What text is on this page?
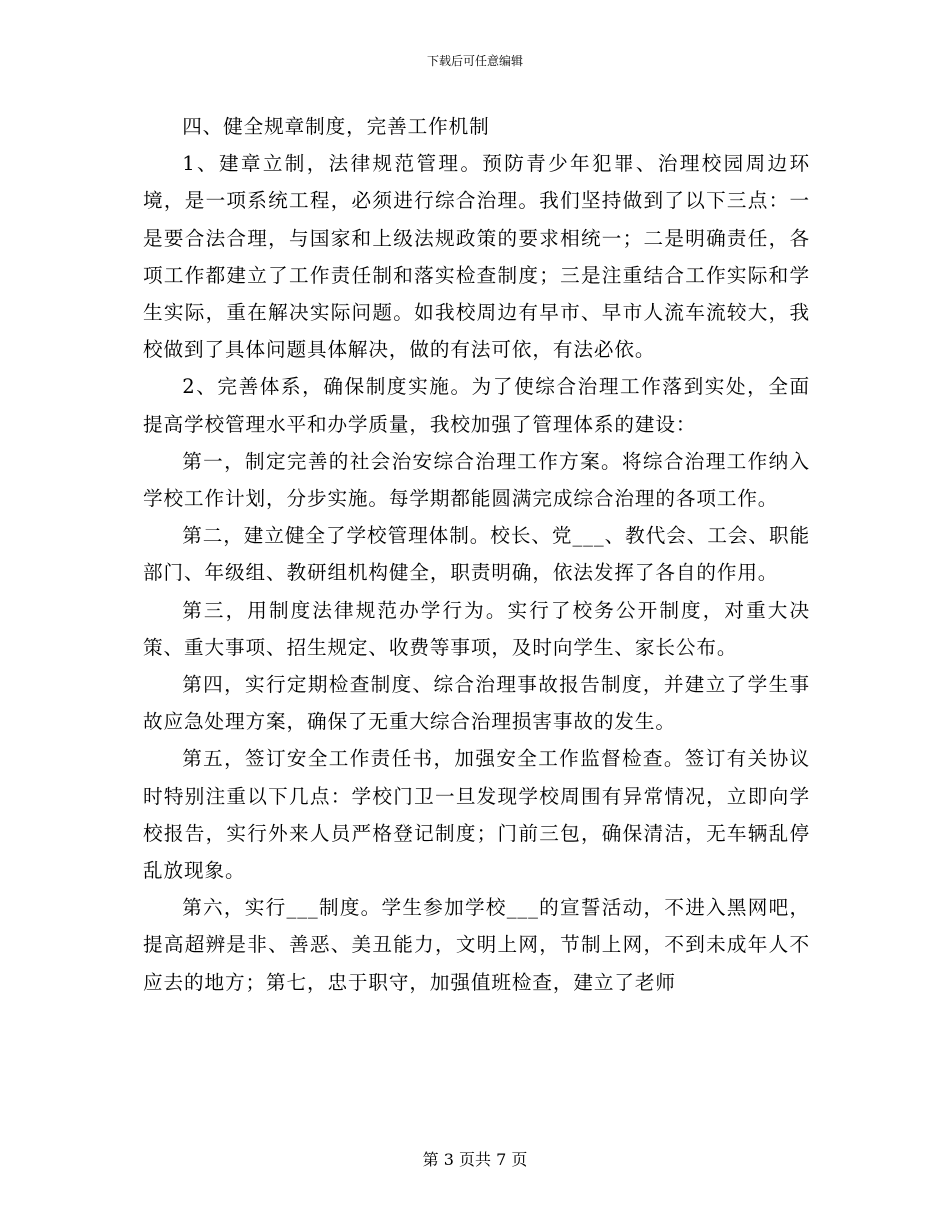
下载后可任意编辑

四、健全规章制度，完善工作机制

1、建章立制，法律规范管理。预防青少年犯罪、治理校园周边环境，是一项系统工程，必须进行综合治理。我们坚持做到了以下三点：一是要合法合理，与国家和上级法规政策的要求相统一；二是明确责任，各项工作都建立了工作责任制和落实检查制度；三是注重结合工作实际和学生实际，重在解决实际问题。如我校周边有早市、早市人流车流较大，我校做到了具体问题具体解决，做的有法可依，有法必依。

2、完善体系，确保制度实施。为了使综合治理工作落到实处，全面提高学校管理水平和办学质量，我校加强了管理体系的建设：

第一，制定完善的社会治安综合治理工作方案。将综合治理工作纳入学校工作计划，分步实施。每学期都能圆满完成综合治理的各项工作。

第二，建立健全了学校管理体制。校长、党___、教代会、工会、职能部门、年级组、教研组机构健全，职责明确，依法发挥了各自的作用。

第三，用制度法律规范办学行为。实行了校务公开制度，对重大决策、重大事项、招生规定、收费等事项，及时向学生、家长公布。

第四，实行定期检查制度、综合治理事故报告制度，并建立了学生事故应急处理方案，确保了无重大综合治理损害事故的发生。

第五，签订安全工作责任书，加强安全工作监督检查。签订有关协议时特别注重以下几点：学校门卫一旦发现学校周围有异常情况，立即向学校报告，实行外来人员严格登记制度；门前三包，确保清洁，无车辆乱停乱放现象。

第六，实行___制度。学生参加学校___的宣誓活动，不进入黑网吧，提高超辨是非、善恶、美丑能力，文明上网，节制上网，不到未成年人不应去的地方；第七，忠于职守，加强值班检查，建立了老师

第 3 页共 7 页
